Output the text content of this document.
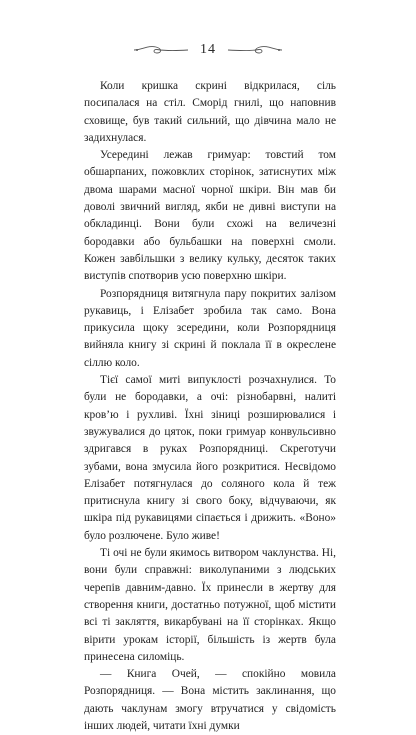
14

Коли кришка скрині відкрилася, сіль посипалася на стіл. Сморід гнилі, що наповнив сховище, був такий сильний, що дівчина мало не задихнулася.

Усередині лежав гримуар: товстий том обшарпаних, пожовклих сторінок, затиснутих між двома шарами масної чорної шкіри. Він мав би доволі звичний вигляд, якби не дивні виступи на обкладинці. Вони були схожі на величезні бородавки або бульбашки на поверхні смоли. Кожен завбільшки з велику кульку, десяток таких виступів спотворив усю поверхню шкіри.

Розпорядниця витягнула пару покритих залізом рукавиць, і Елізабет зробила так само. Вона прикусила щоку зсередини, коли Розпорядниця вийняла книгу зі скрині й поклала її в окреслене сіллю коло.

Тієї самої миті випуклості розчахнулися. То були не бородавки, а очі: різнобарвні, налиті кров’ю і рухливі. Їхні зіниці розширювалися і звужувалися до цяток, поки гримуар конвульсивно здригався в руках Розпорядниці. Скреготучи зубами, вона змусила його розкритися. Несвідомо Елізабет потягнулася до соляного кола й теж притиснула книгу зі свого боку, відчуваючи, як шкіра під рукавицями сіпається і дрижить. «Воно» було розлючене. Було живе!

Ті очі не були якимось витвором чаклунства. Ні, вони були справжні: виколупаними з людських черепів давним-давно. Їх принесли в жертву для створення книги, достатньо потужної, щоб містити всі ті закляття, викарбувані на її сторінках. Якщо вірити урокам історії, більшість із жертв була принесена силоміць.

— Книга Очей, — спокійно мовила Розпорядниця. — Вона містить заклинання, що дають чаклунам змогу втручатися у свідомість інших людей, читати їхні думки
